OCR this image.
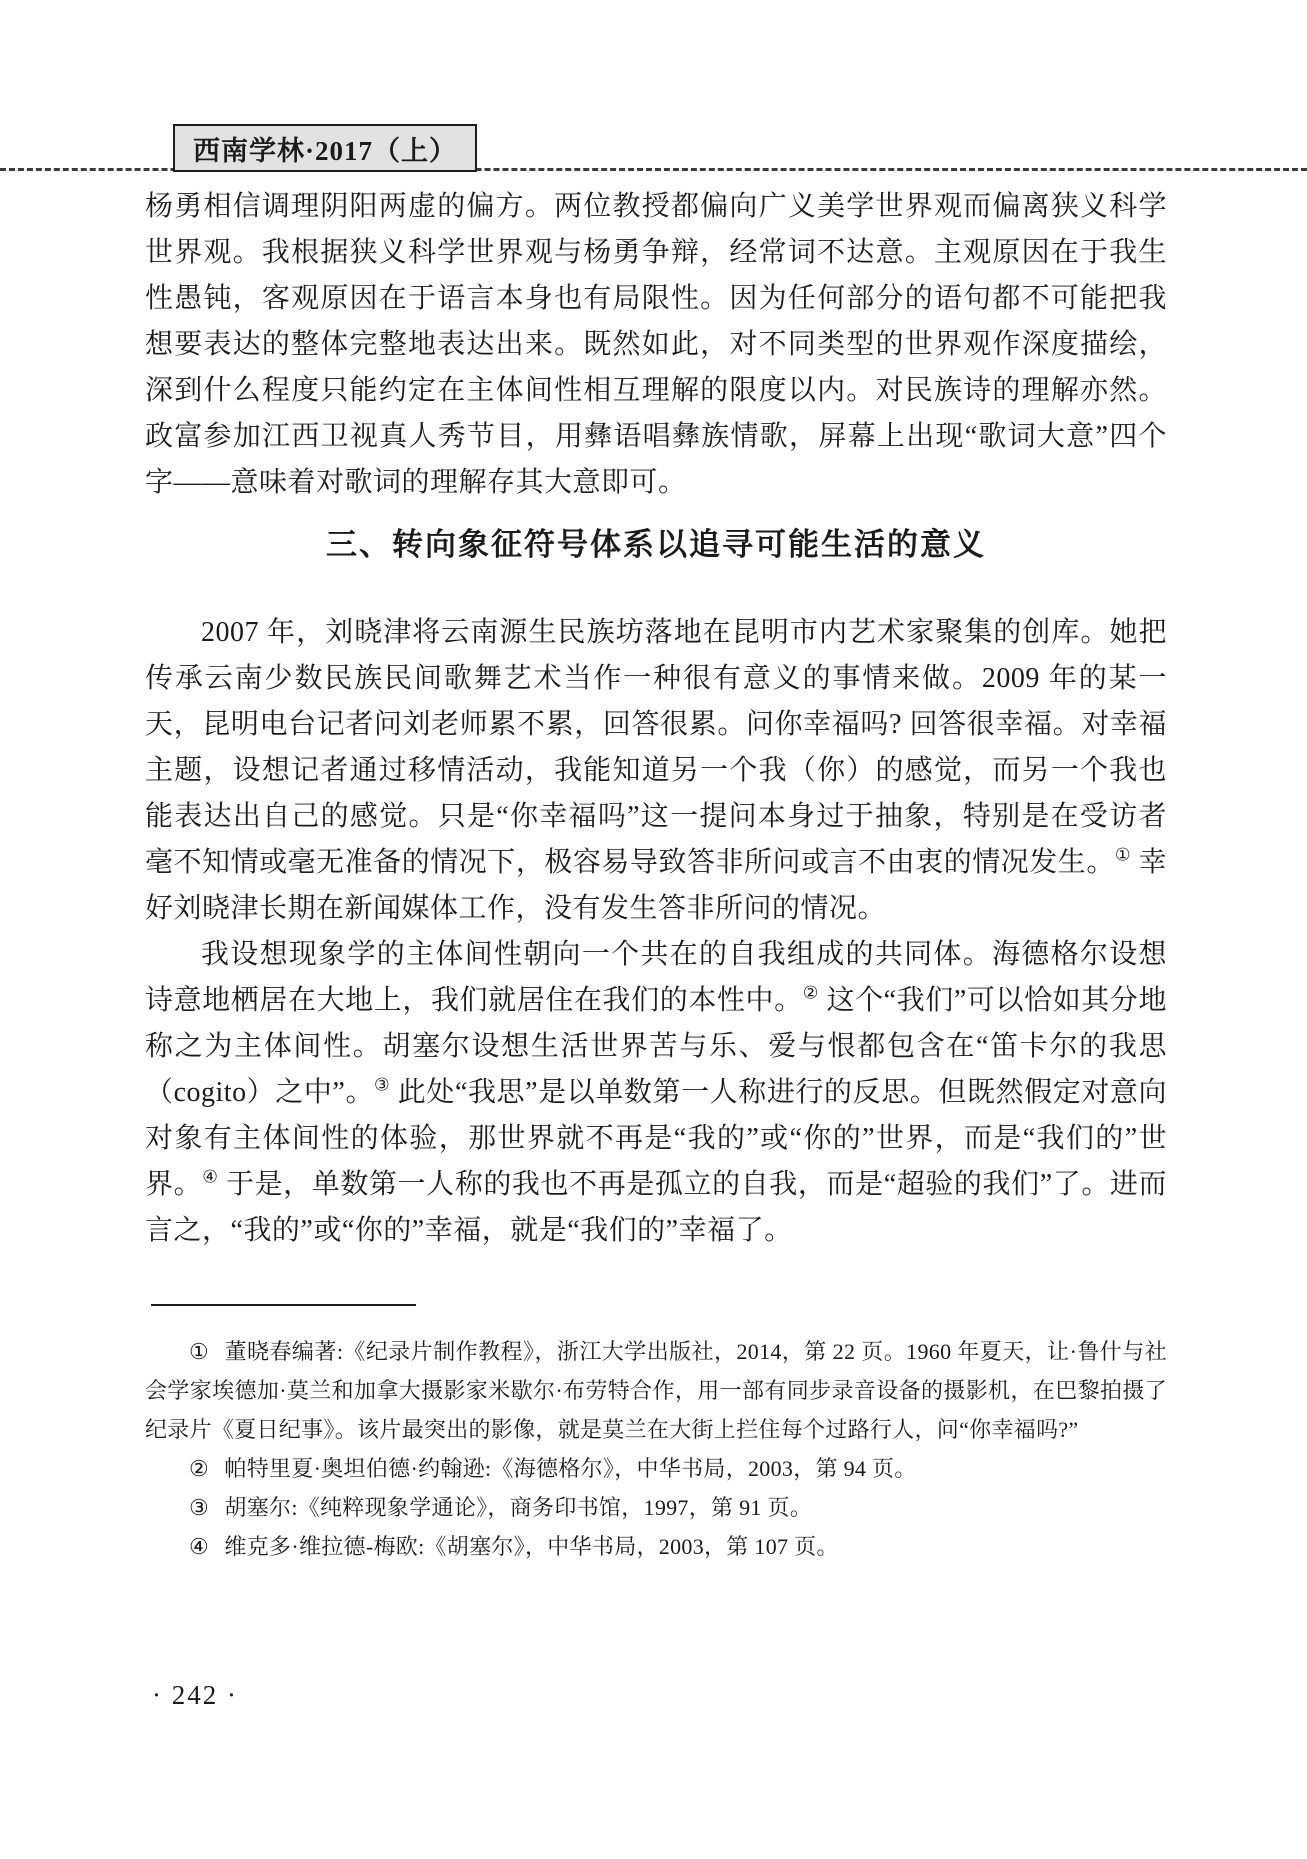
西南学林·2017（上）

杨勇相信调理阴阳两虚的偏方。两位教授都偏向广义美学世界观而偏离狭义科学世界观。我根据狭义科学世界观与杨勇争辩，经常词不达意。主观原因在于我生性愚钝，客观原因在于语言本身也有局限性。因为任何部分的语句都不可能把我想要表达的整体完整地表达出来。既然如此，对不同类型的世界观作深度描绘，深到什么程度只能约定在主体间性相互理解的限度以内。对民族诗的理解亦然。政富参加江西卫视真人秀节目，用彝语唱彝族情歌，屏幕上出现“歌词大意”四个字——意味着对歌词的理解存其大意即可。

三、转向象征符号体系以追寻可能生活的意义

2007 年，刘晓津将云南源生民族坊落地在昆明市内艺术家聚集的创库。她把传承云南少数民族民间歌舞艺术当作一种很有意义的事情来做。2009 年的某一天，昆明电台记者问刘老师累不累，回答很累。问你幸福吗? 回答很幸福。对幸福主题，设想记者通过移情活动，我能知道另一个我（你）的感觉，而另一个我也能表达出自己的感觉。只是“你幸福吗”这一提问本身过于抽象，特别是在受访者毫不知情或毫无准备的情况下，极容易导致答非所问或言不由衷的情况发生。① 幸好刘晓津长期在新闻媒体工作，没有发生答非所问的情况。

我设想现象学的主体间性朝向一个共在的自我组成的共同体。海德格尔设想诗意地栖居在大地上，我们就居住在我们的本性中。② 这个“我们”可以恰如其分地称之为主体间性。胡塞尔设想生活世界苦与乐、爱与恨都包含在“笛卡尔的我思（cogito）之中”。③ 此处“我思”是以单数第一人称进行的反思。但既然假定对意向对象有主体间性的体验，那世界就不再是“我的”或“你的”世界，而是“我们的”世界。④ 于是，单数第一人称的我也不再是孤立的自我，而是“超验的我们”了。进而言之，“我的”或“你的”幸福，就是“我们的”幸福了。

① 董晓春编著:《纪录片制作教程》，浙江大学出版社，2014，第 22 页。1960 年夏天，让·鲁什与社会学家埃德加·莫兰和加拿大摄影家米歇尔·布劳特合作，用一部有同步录音设备的摄影机，在巴黎拍摄了纪录片《夏日纪事》。该片最突出的影像，就是莫兰在大街上拦住每个过路行人，问“你幸福吗?”

② 帕特里夏·奥坦伯德·约翰逊:《海德格尔》，中华书局，2003，第 94 页。

③ 胡塞尔:《纯粹现象学通论》，商务印书馆，1997，第 91 页。

④ 维克多·维拉德-梅欧:《胡塞尔》，中华书局，2003，第 107 页。

· 242 ·
